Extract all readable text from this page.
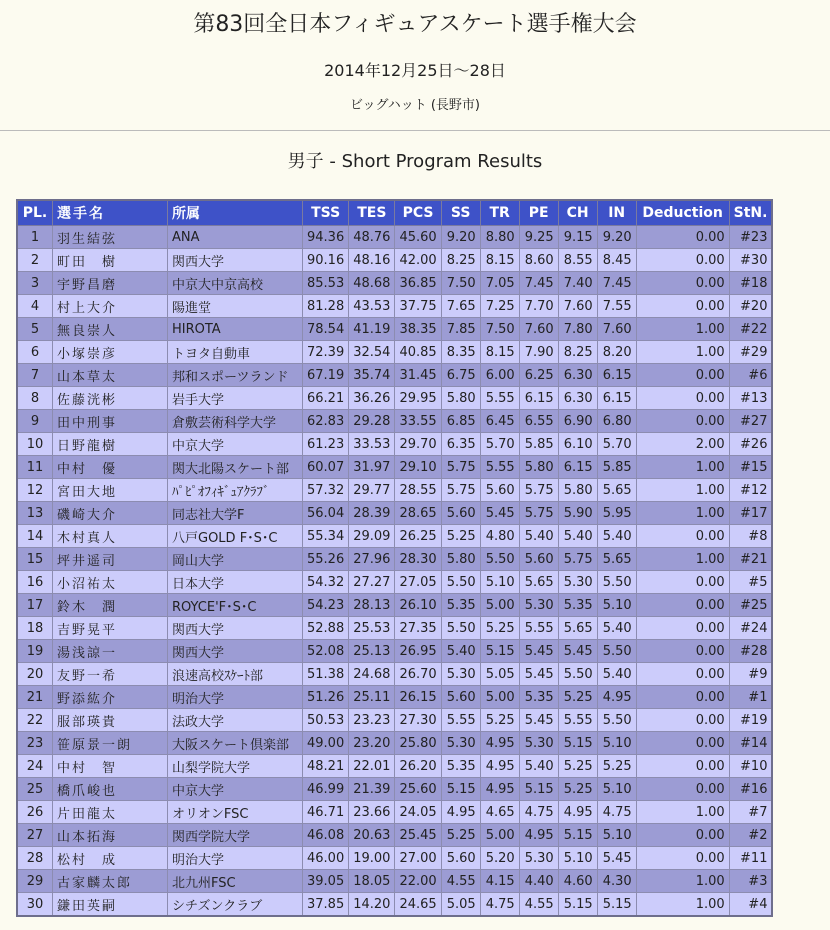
第83回全日本フィギュアスケート選手権大会
2014年12月25日～28日
ビッグハット (長野市)
男子 - Short Program Results
PL.	選手名	所属	TSS	TES	PCS	SS	TR	PE	CH	IN	Deduction	StN.
1	羽生結弦	ANA	94.36	48.76	45.60	9.20	8.80	9.25	9.15	9.20	0.00	#23
2	町田　樹	関西大学	90.16	48.16	42.00	8.25	8.15	8.60	8.55	8.45	0.00	#30
3	宇野昌磨	中京大中京高校	85.53	48.68	36.85	7.50	7.05	7.45	7.40	7.45	0.00	#18
4	村上大介	陽進堂	81.28	43.53	37.75	7.65	7.25	7.70	7.60	7.55	0.00	#20
5	無良崇人	HIROTA	78.54	41.19	38.35	7.85	7.50	7.60	7.80	7.60	1.00	#22
6	小塚崇彦	トヨタ自動車	72.39	32.54	40.85	8.35	8.15	7.90	8.25	8.20	1.00	#29
7	山本草太	邦和スポーツランド	67.19	35.74	31.45	6.75	6.00	6.25	6.30	6.15	0.00	#6
8	佐藤洸彬	岩手大学	66.21	36.26	29.95	5.80	5.55	6.15	6.30	6.15	0.00	#13
9	田中刑事	倉敷芸術科学大学	62.83	29.28	33.55	6.85	6.45	6.55	6.90	6.80	0.00	#27
10	日野龍樹	中京大学	61.23	33.53	29.70	6.35	5.70	5.85	6.10	5.70	2.00	#26
11	中村　優	関大北陽スケート部	60.07	31.97	29.10	5.75	5.55	5.80	6.15	5.85	1.00	#15
12	宮田大地	ﾊﾟﾋﾟｵﾌｨｷﾞｭｱｸﾗﾌﾞ	57.32	29.77	28.55	5.75	5.60	5.75	5.80	5.65	1.00	#12
13	磯崎大介	同志社大学F	56.04	28.39	28.65	5.60	5.45	5.75	5.90	5.95	1.00	#17
14	木村真人	八戸GOLD F･S･C	55.34	29.09	26.25	5.25	4.80	5.40	5.40	5.40	0.00	#8
15	坪井遥司	岡山大学	55.26	27.96	28.30	5.80	5.50	5.60	5.75	5.65	1.00	#21
16	小沼祐太	日本大学	54.32	27.27	27.05	5.50	5.10	5.65	5.30	5.50	0.00	#5
17	鈴木　潤	ROYCE'F･S･C	54.23	28.13	26.10	5.35	5.00	5.30	5.35	5.10	0.00	#25
18	吉野晃平	関西大学	52.88	25.53	27.35	5.50	5.25	5.55	5.65	5.40	0.00	#24
19	湯浅諒一	関西大学	52.08	25.13	26.95	5.40	5.15	5.45	5.45	5.50	0.00	#28
20	友野一希	浪速高校ｽｹｰﾄ部	51.38	24.68	26.70	5.30	5.05	5.45	5.50	5.40	0.00	#9
21	野添紘介	明治大学	51.26	25.11	26.15	5.60	5.00	5.35	5.25	4.95	0.00	#1
22	服部瑛貴	法政大学	50.53	23.23	27.30	5.55	5.25	5.45	5.55	5.50	0.00	#19
23	笹原景一朗	大阪スケート倶楽部	49.00	23.20	25.80	5.30	4.95	5.30	5.15	5.10	0.00	#14
24	中村　智	山梨学院大学	48.21	22.01	26.20	5.35	4.95	5.40	5.25	5.25	0.00	#10
25	橋爪峻也	中京大学	46.99	21.39	25.60	5.15	4.95	5.15	5.25	5.10	0.00	#16
26	片田龍太	オリオンFSC	46.71	23.66	24.05	4.95	4.65	4.75	4.95	4.75	1.00	#7
27	山本拓海	関西学院大学	46.08	20.63	25.45	5.25	5.00	4.95	5.15	5.10	0.00	#2
28	松村　成	明治大学	46.00	19.00	27.00	5.60	5.20	5.30	5.10	5.45	0.00	#11
29	古家麟太郎	北九州FSC	39.05	18.05	22.00	4.55	4.15	4.40	4.60	4.30	1.00	#3
30	鎌田英嗣	シチズンクラブ	37.85	14.20	24.65	5.05	4.75	4.55	5.15	5.15	1.00	#4
